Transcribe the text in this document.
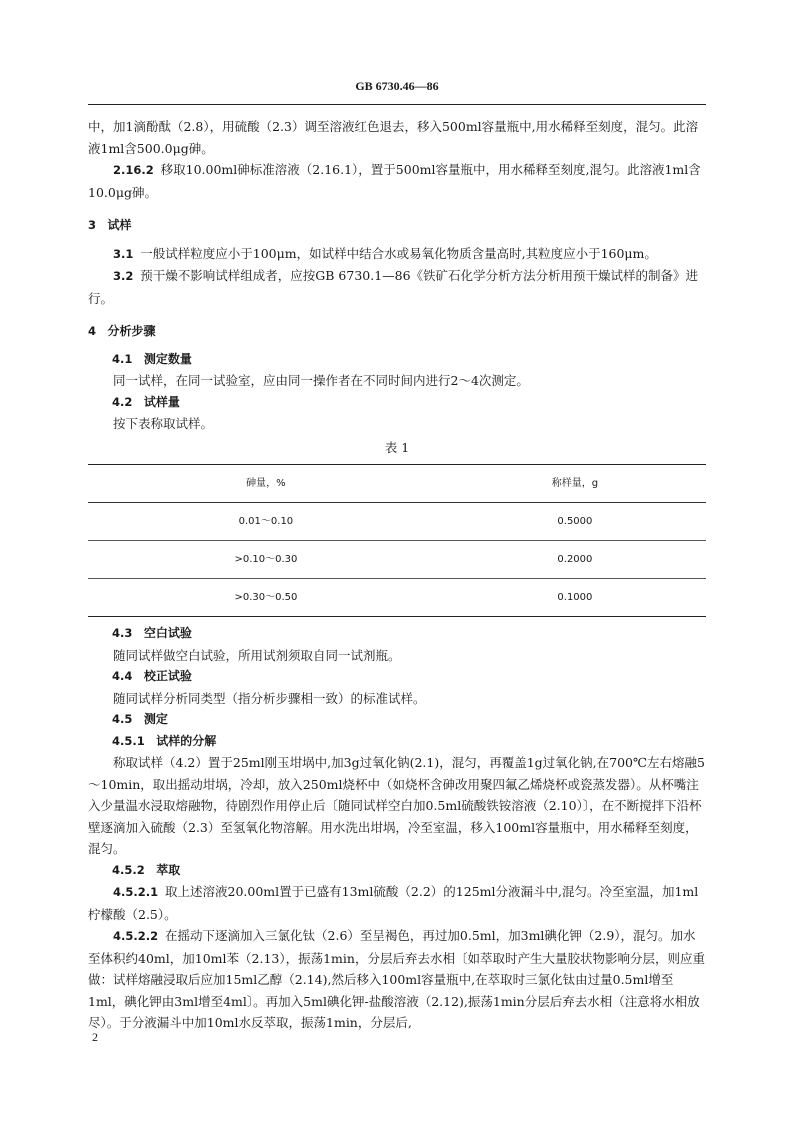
GB 6730.46—86
中，加1滴酚酞（2.8），用硫酸（2.3）调至溶液红色退去，移入500ml容量瓶中,用水稀释至刻度，混匀。此溶液1ml含500.0μg砷。
2.16.2 移取10.00ml砷标准溶液（2.16.1），置于500ml容量瓶中，用水稀释至刻度,混匀。此溶液1ml含10.0μg砷。
3 试样
3.1 一般试样粒度应小于100μm，如试样中结合水或易氧化物质含量高时,其粒度应小于160μm。
3.2 预干燥不影响试样组成者，应按GB 6730.1—86《铁矿石化学分析方法分析用预干燥试样的制备》进行。
4 分析步骤
4.1 测定数量
同一试样，在同一试验室，应由同一操作者在不同时间内进行2～4次测定。
4.2 试样量
按下表称取试样。
表 1
砷量，%	称样量，g
0.01～0.10	0.5000
>0.10～0.30	0.2000
>0.30～0.50	0.1000
4.3 空白试验
随同试样做空白试验，所用试剂须取自同一试剂瓶。
4.4 校正试验
随同试样分析同类型（指分析步骤相一致）的标准试样。
4.5 测定
4.5.1 试样的分解
称取试样（4.2）置于25ml刚玉坩埚中,加3g过氧化钠(2.1)，混匀，再覆盖1g过氧化钠,在700℃左右熔融5～10min，取出摇动坩埚，冷却，放入250ml烧杯中（如烧杯含砷改用聚四氟乙烯烧杯或瓷蒸发器）。从杯嘴注入少量温水浸取熔融物，待剧烈作用停止后〔随同试样空白加0.5ml硫酸铁铵溶液（2.10）〕，在不断搅拌下沿杯壁逐滴加入硫酸（2.3）至氢氧化物溶解。用水洗出坩埚，冷至室温，移入100ml容量瓶中，用水稀释至刻度，混匀。
4.5.2 萃取
4.5.2.1 取上述溶液20.00ml置于已盛有13ml硫酸（2.2）的125ml分液漏斗中,混匀。冷至室温，加1ml柠檬酸（2.5）。
4.5.2.2 在摇动下逐滴加入三氯化钛（2.6）至呈褐色，再过加0.5ml，加3ml碘化钾（2.9），混匀。加水至体积约40ml，加10ml苯（2.13），振荡1min，分层后弃去水相〔如萃取时产生大量胶状物影响分层，则应重做：试样熔融浸取后应加15ml乙醇（2.14),然后移入100ml容量瓶中,在萃取时三氯化钛由过量0.5ml增至1ml，碘化钾由3ml增至4ml〕。再加入5ml碘化钾-盐酸溶液（2.12),振荡1min分层后弃去水相（注意将水相放尽）。于分液漏斗中加10ml水反萃取，振荡1min，分层后,
2
